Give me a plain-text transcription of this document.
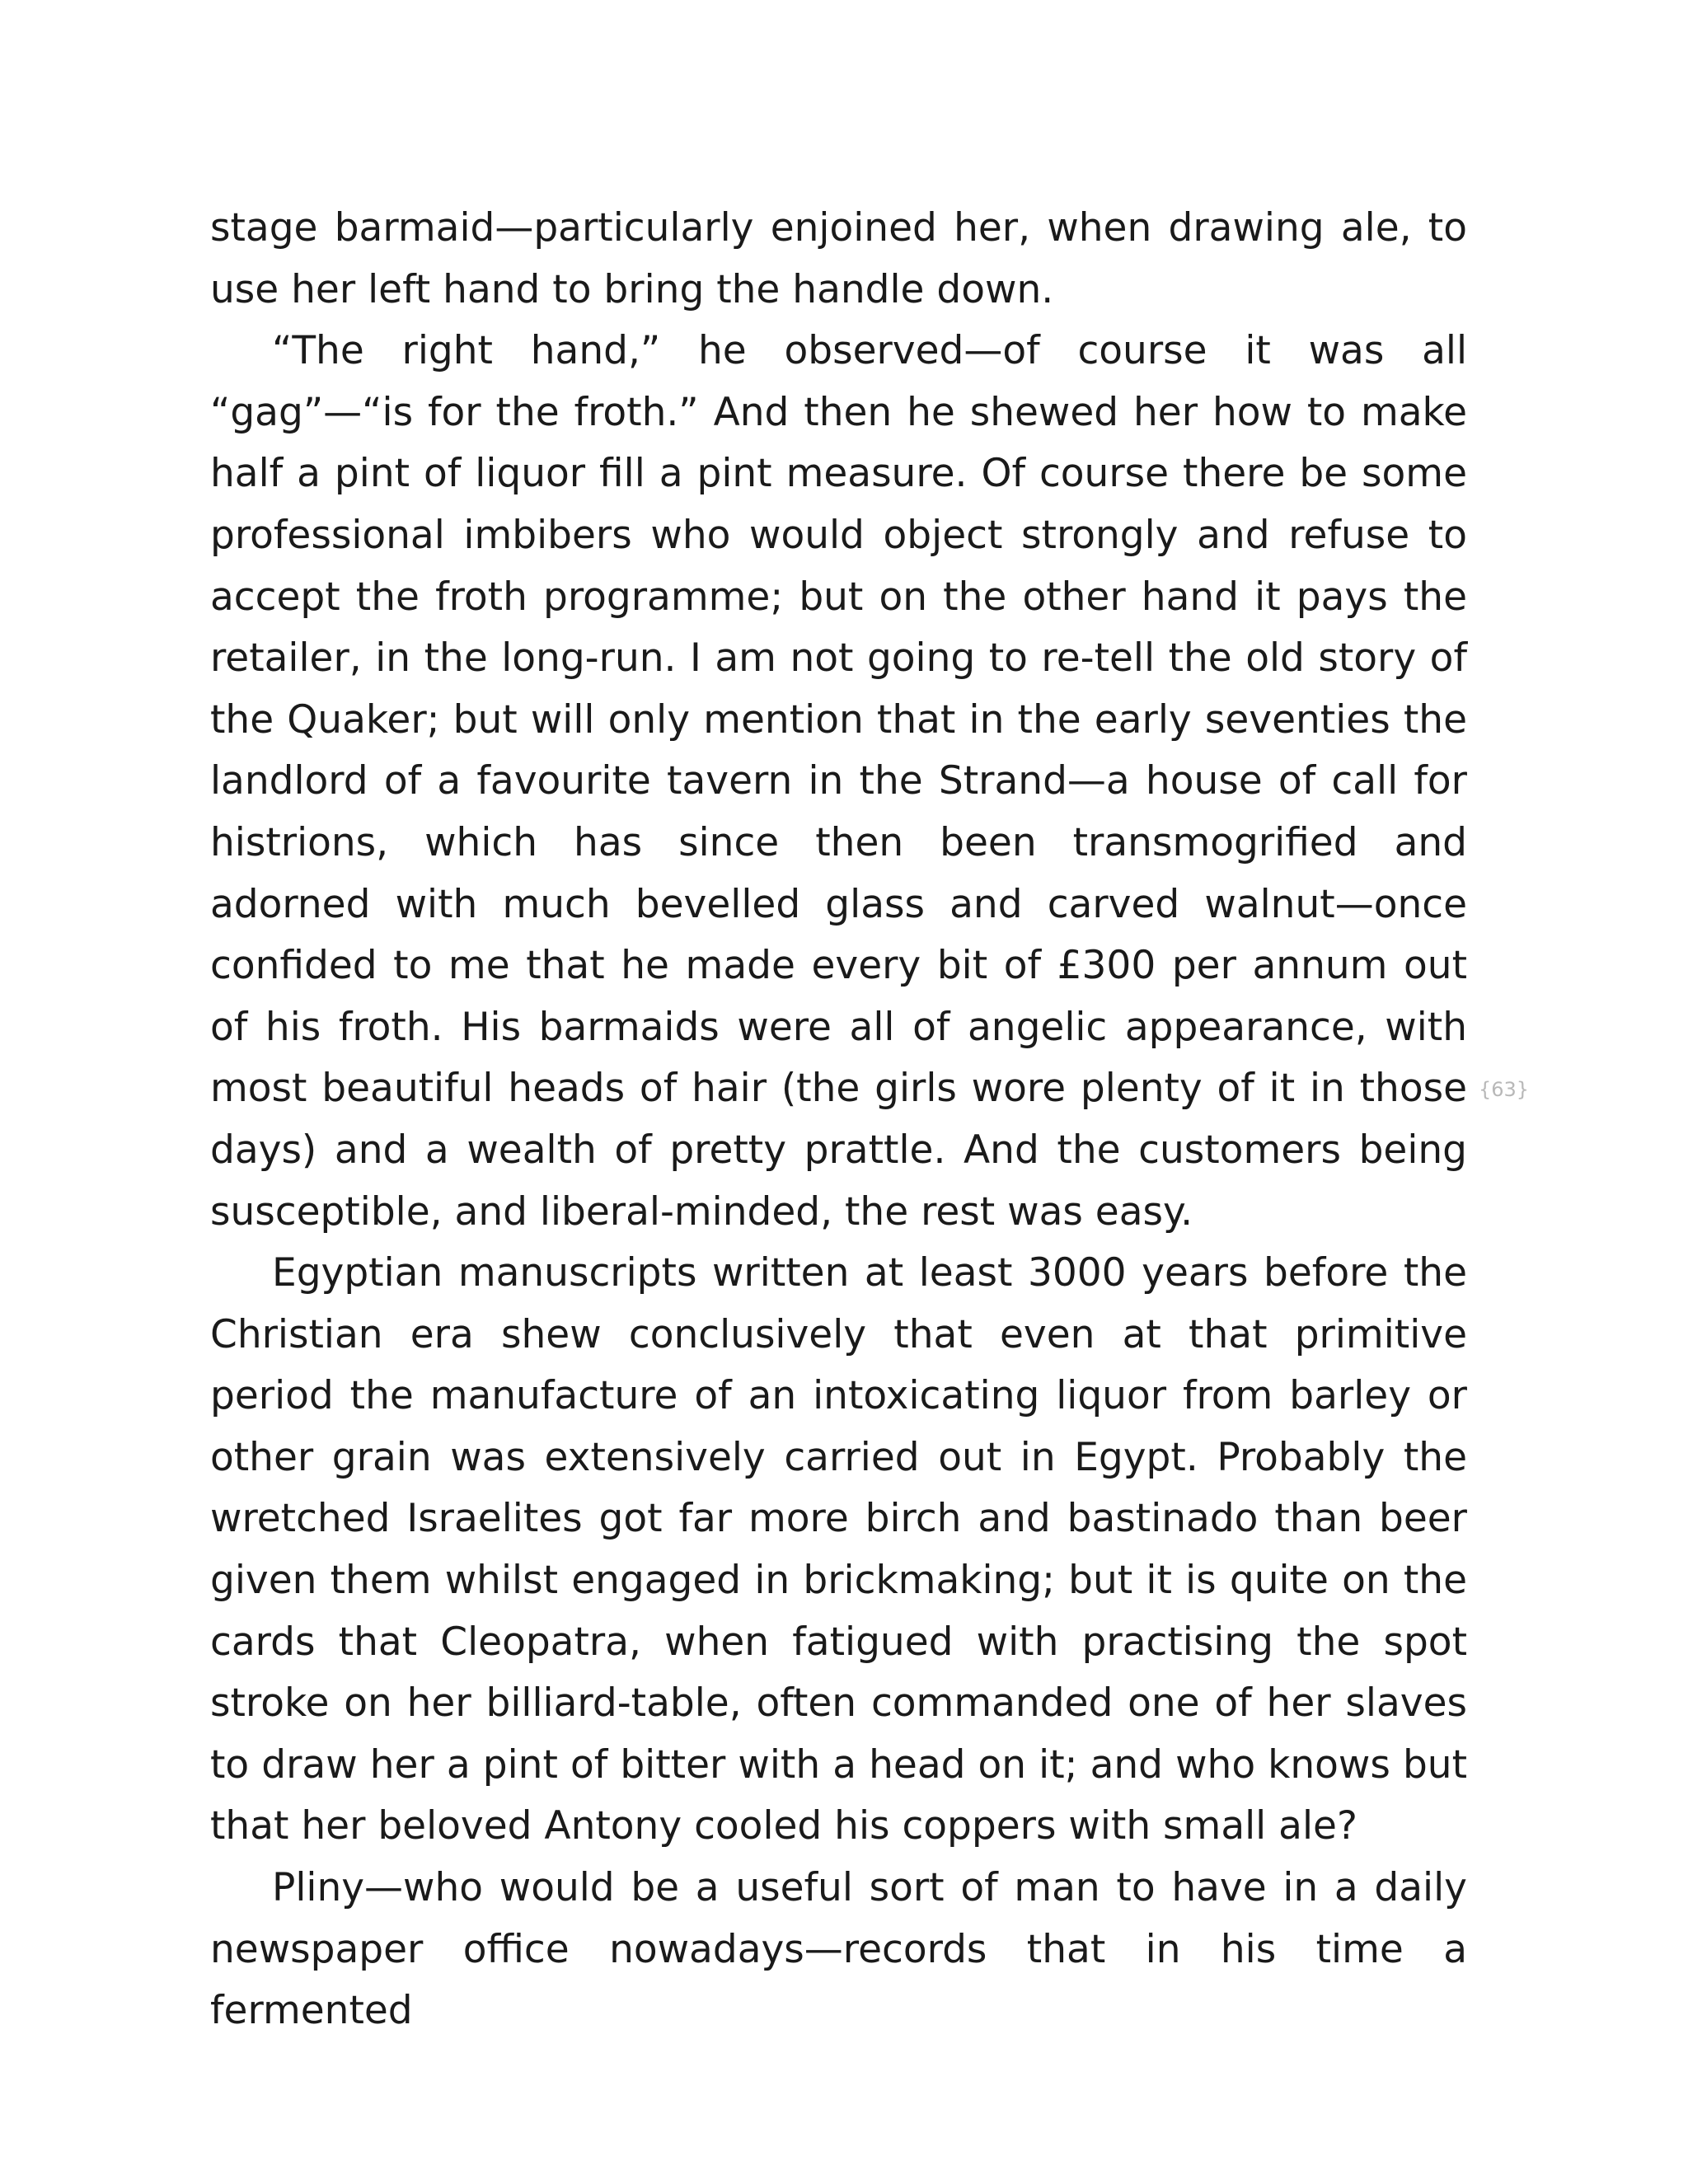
stage barmaid—particularly enjoined her, when drawing ale, to use her left hand to bring the handle down.

“The right hand,” he observed—of course it was all “gag”—“is for the froth.” And then he shewed her how to make half a pint of liquor fill a pint measure. Of course there be some professional imbibers who would object strongly and refuse to accept the froth programme; but on the other hand it pays the retailer, in the long-run. I am not going to re-tell the old story of the Quaker; but will only mention that in the early seventies the landlord of a favourite tavern in the Strand—a house of call for histrions, which has since then been transmogrified and adorned with much bevelled glass and carved walnut—once confided to me that he made every bit of £300 per annum out of his froth. His barmaids were all of angelic appearance, with most beautiful heads of hair (the girls wore plenty of it in those days) and a wealth of pretty prattle. And the customers being susceptible, and liberal-minded, the rest was easy.

Egyptian manuscripts written at least 3000 years before the Christian era shew conclusively that even at that primitive period the manufacture of an intoxicating liquor from barley or other grain was extensively carried out in Egypt. Probably the wretched Israelites got far more birch and bastinado than beer given them whilst engaged in brickmaking; but it is quite on the cards that Cleopatra, when fatigued with practising the spot stroke on her billiard-table, often commanded one of her slaves to draw her a pint of bitter with a head on it; and who knows but that her beloved Antony cooled his coppers with small ale?

Pliny—who would be a useful sort of man to have in a daily newspaper office nowadays—records that in his time a fermented

{63}
